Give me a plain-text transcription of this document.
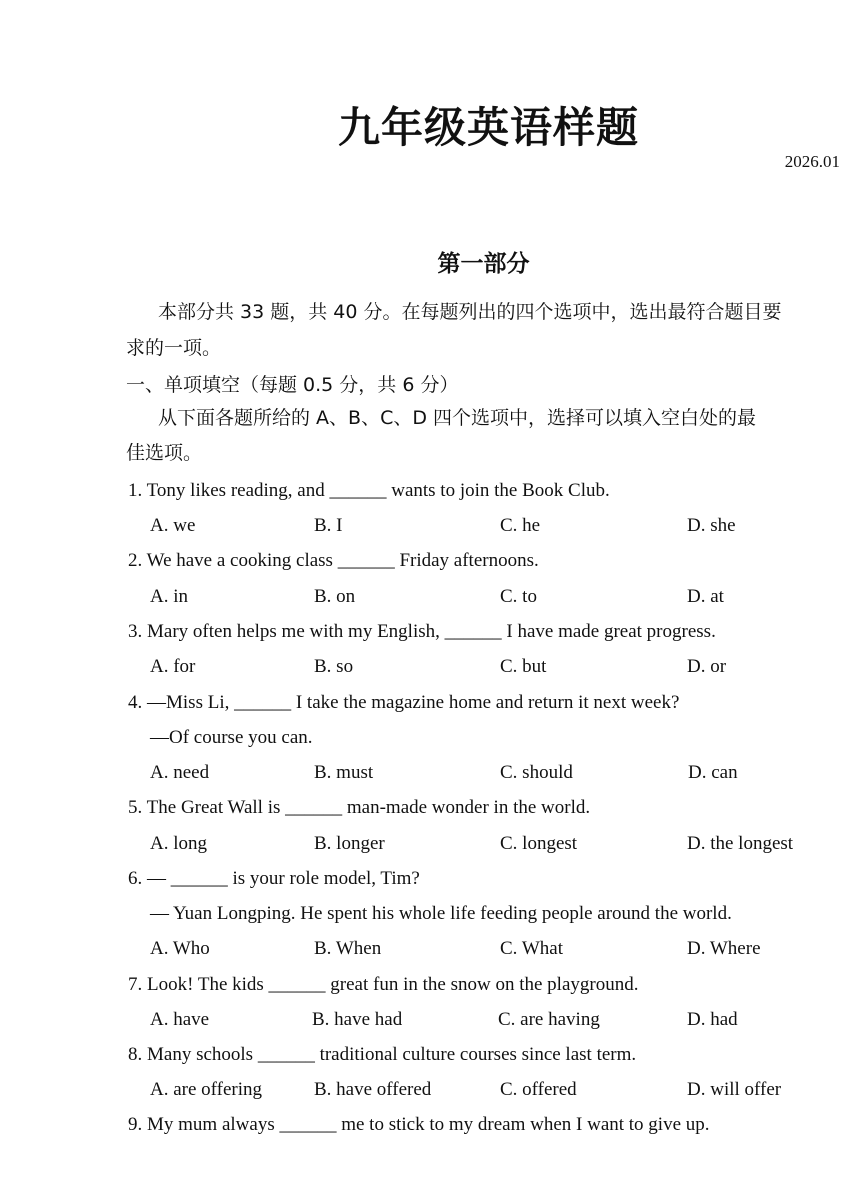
九年级英语样题
2026.01
第一部分
本部分共 33 题，共 40 分。在每题列出的四个选项中，选出最符合题目要
求的一项。
一、单项填空（每题 0.5 分，共 6 分）
从下面各题所给的 A、B、C、D 四个选项中，选择可以填入空白处的最
佳选项。
1. Tony likes reading, and ______ wants to join the Book Club.
A. we	B. I	C. he	D. she
2. We have a cooking class ______ Friday afternoons.
A. in	B. on	C. to	D. at
3. Mary often helps me with my English, ______ I have made great progress.
A. for	B. so	C. but	D. or
4. —Miss Li, ______ I take the magazine home and return it next week?
—Of course you can.
A. need	B. must	C. should	D. can
5. The Great Wall is ______ man-made wonder in the world.
A. long	B. longer	C. longest	D. the longest
6. — ______ is your role model, Tim?
— Yuan Longping. He spent his whole life feeding people around the world.
A. Who	B. When	C. What	D. Where
7. Look! The kids ______ great fun in the snow on the playground.
A. have	B. have had	C. are having	D. had
8. Many schools ______ traditional culture courses since last term.
A. are offering	B. have offered	C. offered	D. will offer
9. My mum always ______ me to stick to my dream when I want to give up.
